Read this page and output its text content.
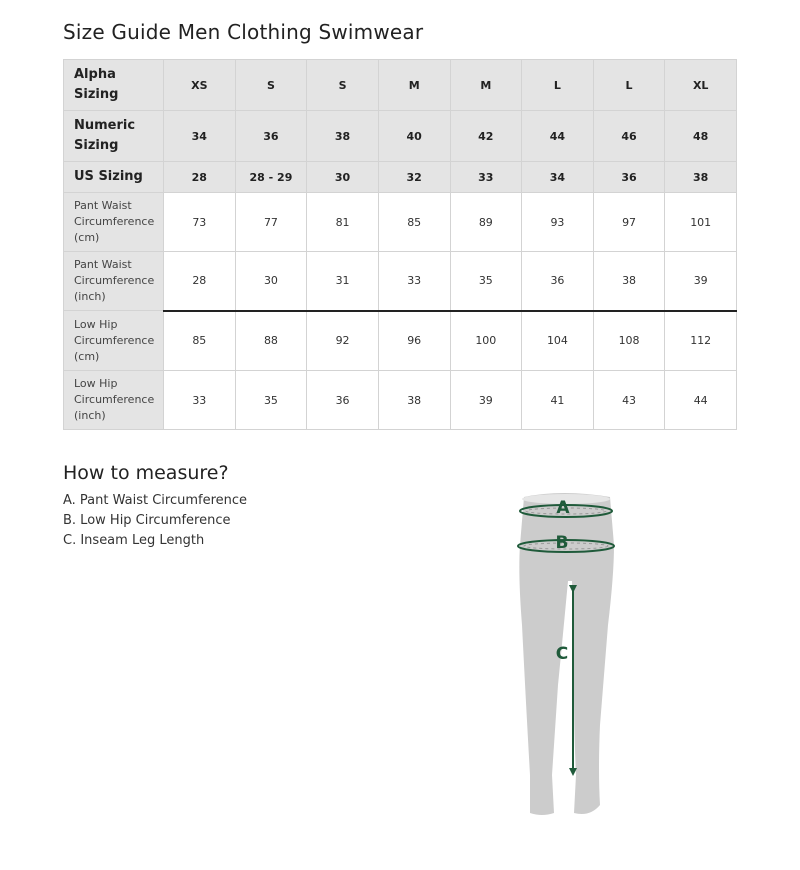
Size Guide Men Clothing Swimwear
Alpha Sizing	XS	S	S	M	M	L	L	XL
Numeric Sizing	34	36	38	40	42	44	46	48
US Sizing	28	28 - 29	30	32	33	34	36	38
Pant Waist Circumference (cm)	73	77	81	85	89	93	97	101
Pant Waist Circumference (inch)	28	30	31	33	35	36	38	39
Low Hip Circumference (cm)	85	88	92	96	100	104	108	112
Low Hip Circumference (inch)	33	35	36	38	39	41	43	44
How to measure?
A. Pant Waist Circumference
B. Low Hip Circumference
C. Inseam Leg Length
A
B
C
